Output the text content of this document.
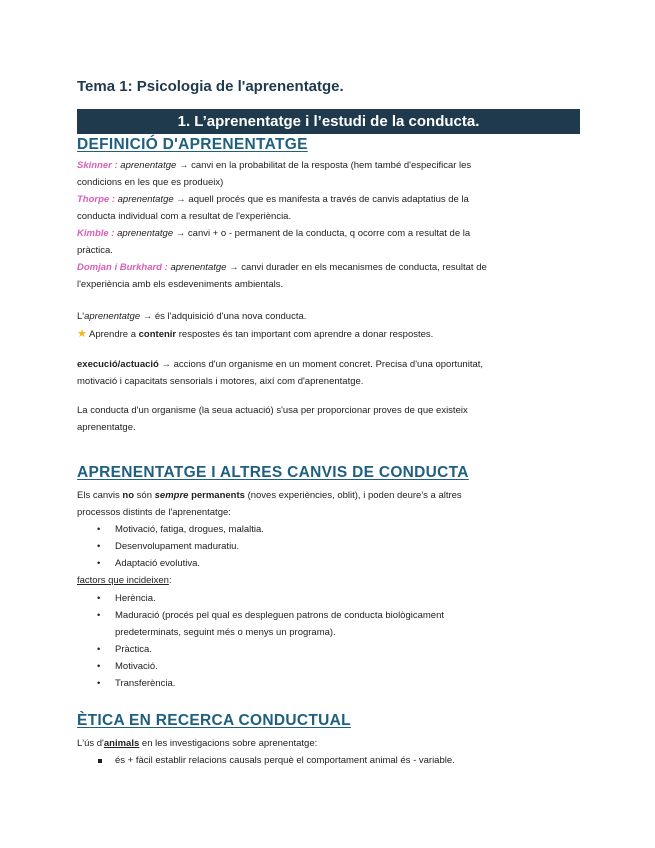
Tema 1: Psicologia de l'aprenentatge.
1. L’aprenentatge i l’estudi de la conducta.
DEFINICIÓ D'APRENENTATGE
Skinner : aprenentatge → canvi en la probabilitat de la resposta (hem també d'especificar les
condicions en les que es produeix)
Thorpe : aprenentatge → aquell procés que es manifesta a través de canvis adaptatius de la
conducta individual com a resultat de l'experiència.
Kimble : aprenentatge → canvi + o - permanent de la conducta, q ocorre com a resultat de la
pràctica.
Domjan i Burkhard : aprenentatge → canvi durader en els mecanismes de conducta, resultat de
l'experiència amb els esdeveniments ambientals.
L'aprenentatge → és l'adquisició d'una nova conducta.
★ Aprendre a contenir respostes és tan important com aprendre a donar respostes.
execució/actuació → accions d'un organisme en un moment concret. Precisa d'una oportunitat,
motivació i capacitats sensorials i motores, així com d'aprenentatge.
La conducta d'un organisme (la seua actuació) s'usa per proporcionar proves de que existeix
aprenentatge.
APRENENTATGE I ALTRES CANVIS DE CONDUCTA
Els canvis no són sempre permanents (noves experiències, oblit), i poden deure's a altres
processos distints de l'aprenentatge:
• Motivació, fatiga, drogues, malaltia.
• Desenvolupament maduratiu.
• Adaptació evolutiva.
factors que incideixen:
• Herència.
• Maduració (procés pel qual es despleguen patrons de conducta biològicament
predeterminats, seguint més o menys un programa).
• Pràctica.
• Motivació.
• Transferència.
ÈTICA EN RECERCA CONDUCTUAL
L'ús d'animals en les investigacions sobre aprenentatge:
és + fàcil establir relacions causals perquè el comportament animal és - variable.
